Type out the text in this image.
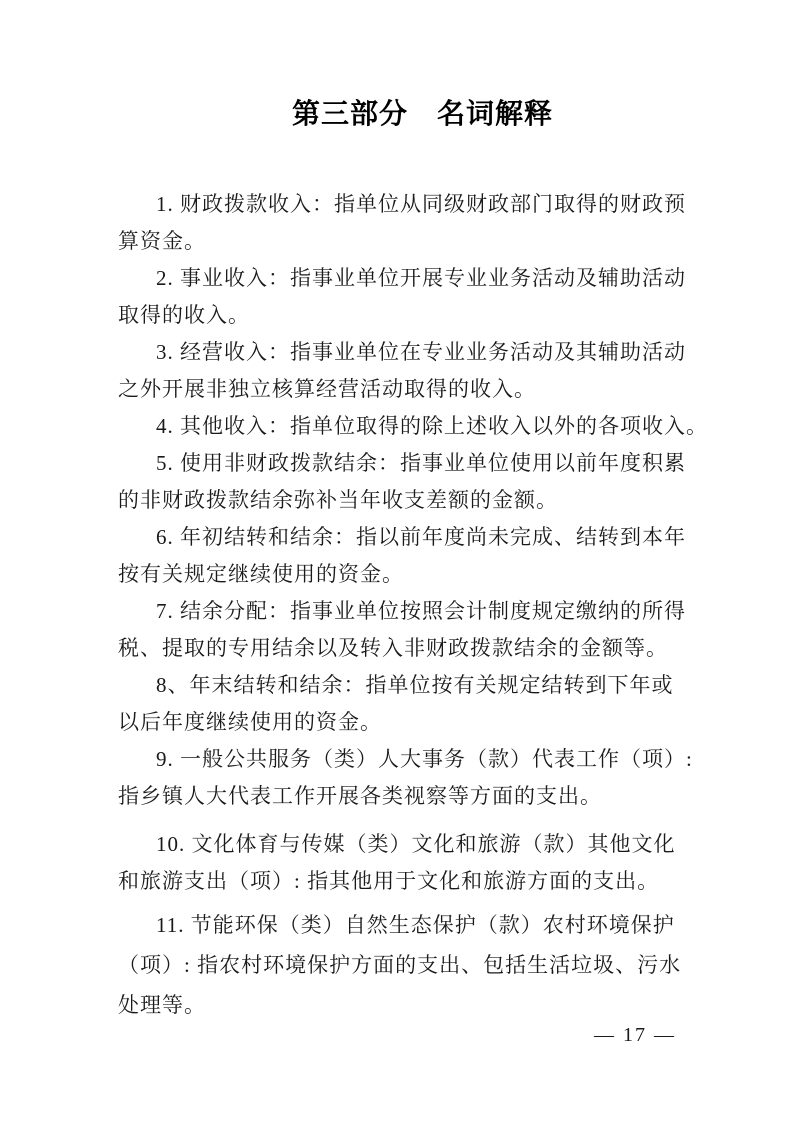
第三部分　名词解释
1. 财政拨款收入：指单位从同级财政部门取得的财政预
算资金。
2. 事业收入：指事业单位开展专业业务活动及辅助活动
取得的收入。
3. 经营收入：指事业单位在专业业务活动及其辅助活动
之外开展非独立核算经营活动取得的收入。
4. 其他收入：指单位取得的除上述收入以外的各项收入。
5. 使用非财政拨款结余：指事业单位使用以前年度积累
的非财政拨款结余弥补当年收支差额的金额。
6. 年初结转和结余：指以前年度尚未完成、结转到本年
按有关规定继续使用的资金。
7. 结余分配：指事业单位按照会计制度规定缴纳的所得
税、提取的专用结余以及转入非财政拨款结余的金额等。
8、年末结转和结余：指单位按有关规定结转到下年或
以后年度继续使用的资金。
9. 一般公共服务（类）人大事务（款）代表工作（项）:
指乡镇人大代表工作开展各类视察等方面的支出。
10. 文化体育与传媒（类）文化和旅游（款）其他文化
和旅游支出（项）: 指其他用于文化和旅游方面的支出。
11. 节能环保（类）自然生态保护（款）农村环境保护
（项）: 指农村环境保护方面的支出、包括生活垃圾、污水
处理等。
— 17 —
